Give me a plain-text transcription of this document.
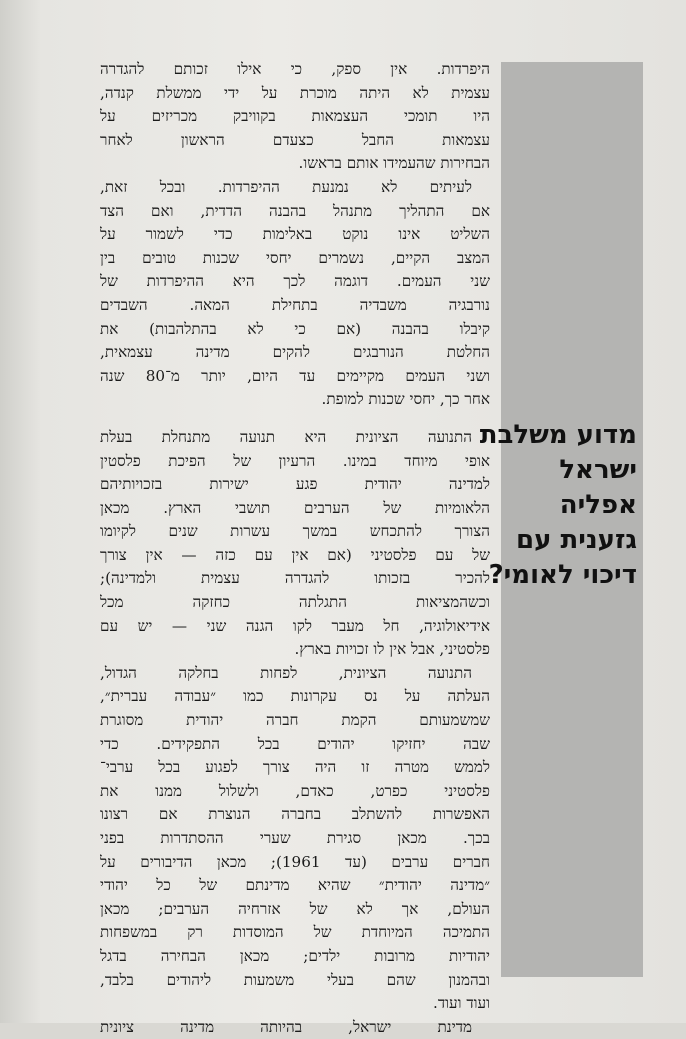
מדוע משלבת
ישראל
אפליה
גזענית עם
דיכוי לאומי?
היפרדות. אין ספק, כי אילו זכותם להגדרה
עצמית לא היתה מוכרת על ידי ממשלת קנדה,
היו תומכי העצמאות בקוויבק מכריזים על
עצמאות החבל כצעדם הראשון לאחר
הבחירות שהעמידו אותם בראשו.
לעיתים לא נמנעת ההיפרדות. ובכל זאת,
אם התהליך מתנהל בהבנה הדדית, ואם הצד
השליט אינו נוקט באלימות כדי לשמור על
המצב הקיים, נשמרים יחסי שכנות טובים בין
שני העמים. דוגמה לכך היא ההיפרדות של
נורבגיה משבדיה בתחילת המאה. השבדים
קיבלו בהבנה (אם כי לא בהתלהבות) את
החלטת הנורבגים להקים מדינה עצמאית,
ושני העמים מקיימים עד היום, יותר מ־80 שנה
אחר כך, יחסי שכנות למופת.
התנועה הציונית היא תנועה מתנחלת בעלת
אופי מיוחד במינו. הרעיון של הפיכת פלסטין
למדינה יהודית פגע ישירות בזכויותיהם
הלאומיות של הערבים תושבי הארץ. מכאן
הצורך להתכחש במשך עשרות שנים לקיומו
של עם פלסטיני (אם אין עם כזה — אין צורך
להכיר בזכותו להגדרה עצמית ולמדינה);
וכשהמציאות התגלתה כחזקה מכל
אידיאולוגיה, חל מעבר לקו הגנה שני — יש עם
פלסטיני, אבל אין לו זכויות בארץ.
התנועה הציונית, לפחות בחלקה הגדול,
העלתה על נס עקרונות כמו ״עבודה עברית״,
שמשמעותם הקמת חברה יהודית מסוגרת
שבה יחזיקו יהודים בכל התפקידים. כדי
לממש מטרה זו היה צורך לפגוע בכל ערבי־
פלסטיני כפרט, כאדם, ולשלול ממנו את
האפשרות להשתלב בחברה הנוצרת אם רצונו
בכך. מכאן סגירת שערי ההסתדרות בפני
חברים ערבים (עד 1961); מכאן הדיבורים על
״מדינה יהודית״ שהיא מדינתם של כל יהודי
העולם, אך לא של אזרחיה הערבים; מכאן
התמיכה המיוחדת של המוסדות רק במשפחות
יהודיות מרובות ילדים; מכאן הבחירה בדגל
ובהמנון שהם בעלי משמעות ליהודים בלבד,
ועוד ועוד.
מדינת ישראל, בהיותה מדינה ציונית
